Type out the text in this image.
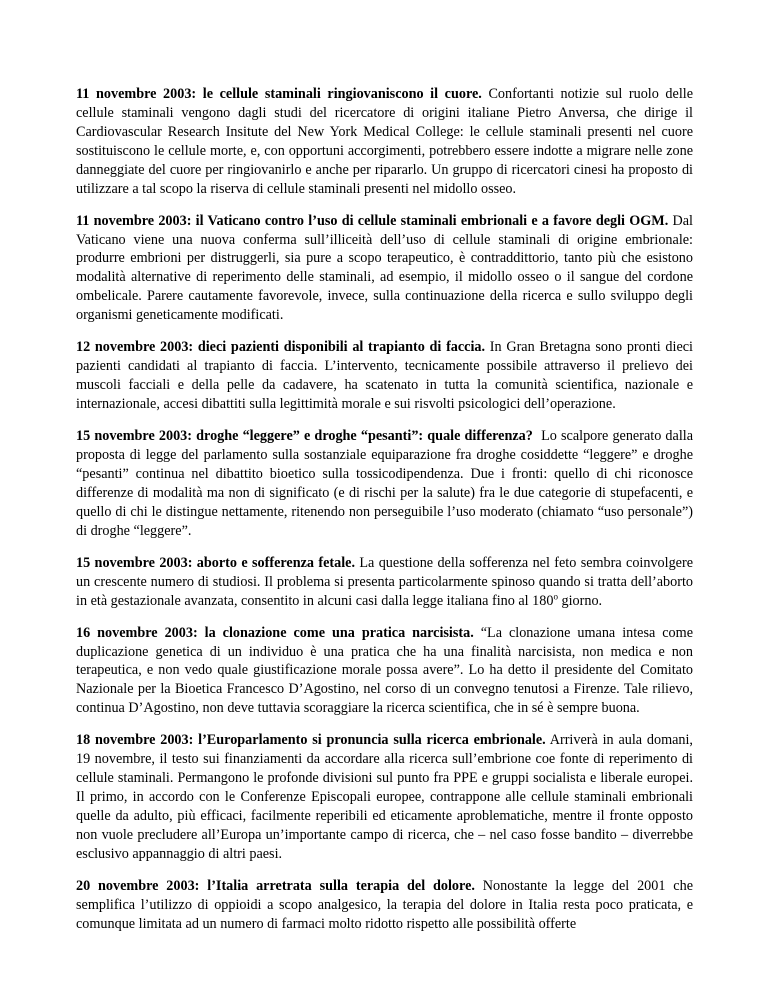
11 novembre 2003: le cellule staminali ringiovaniscono il cuore. Confortanti notizie sul ruolo delle cellule staminali vengono dagli studi del ricercatore di origini italiane Pietro Anversa, che dirige il Cardiovascular Research Insitute del New York Medical College: le cellule staminali presenti nel cuore sostituiscono le cellule morte, e, con opportuni accorgimenti, potrebbero essere indotte a migrare nelle zone danneggiate del cuore per ringiovanirlo e anche per ripararlo. Un gruppo di ricercatori cinesi ha proposto di utilizzare a tal scopo la riserva di cellule staminali presenti nel midollo osseo.

11 novembre 2003: il Vaticano contro l’uso di cellule staminali embrionali e a favore degli OGM. Dal Vaticano viene una nuova conferma sull’illiceità dell’uso di cellule staminali di origine embrionale: produrre embrioni per distruggerli, sia pure a scopo terapeutico, è contraddittorio, tanto più che esistono modalità alternative di reperimento delle staminali, ad esempio, il midollo osseo o il sangue del cordone ombelicale. Parere cautamente favorevole, invece, sulla continuazione della ricerca e sullo sviluppo degli organismi geneticamente modificati.

12 novembre 2003: dieci pazienti disponibili al trapianto di faccia. In Gran Bretagna sono pronti dieci pazienti candidati al trapianto di faccia. L’intervento, tecnicamente possibile attraverso il prelievo dei muscoli facciali e della pelle da cadavere, ha scatenato in tutta la comunità scientifica, nazionale e internazionale, accesi dibattiti sulla legittimità morale e sui risvolti psicologici dell’operazione.

15 novembre 2003: droghe “leggere” e droghe “pesanti”: quale differenza?  Lo scalpore generato dalla proposta di legge del parlamento sulla sostanziale equiparazione fra droghe cosiddette “leggere” e droghe “pesanti” continua nel dibattito bioetico sulla tossicodipendenza. Due i fronti: quello di chi riconosce differenze di modalità ma non di significato (e di rischi per la salute) fra le due categorie di stupefacenti, e quello di chi le distingue nettamente, ritenendo non perseguibile l’uso moderato (chiamato “uso personale”) di droghe “leggere”.

15 novembre 2003: aborto e sofferenza fetale. La questione della sofferenza nel feto sembra coinvolgere un crescente numero di studiosi. Il problema si presenta particolarmente spinoso quando si tratta dell’aborto in età gestazionale avanzata, consentito in alcuni casi dalla legge italiana fino al 180$^o$ giorno.

16 novembre 2003: la clonazione come una pratica narcisista. “La clonazione umana intesa come duplicazione genetica di un individuo è una pratica che ha una finalità narcisista, non medica e non terapeutica, e non vedo quale giustificazione morale possa avere”. Lo ha detto il presidente del Comitato Nazionale per la Bioetica Francesco D’Agostino, nel corso di un convegno tenutosi a Firenze. Tale rilievo, continua D’Agostino, non deve tuttavia scoraggiare la ricerca scientifica, che in sé è sempre buona.

18 novembre 2003: l’Europarlamento si pronuncia sulla ricerca embrionale. Arriverà in aula domani, 19 novembre, il testo sui finanziamenti da accordare alla ricerca sull’embrione coe fonte di reperimento di cellule staminali. Permangono le profonde divisioni sul punto fra PPE e gruppi socialista e liberale europei. Il primo, in accordo con le Conferenze Episcopali europee, contrappone alle cellule staminali embrionali quelle da adulto, più efficaci, facilmente reperibili ed eticamente aproblematiche, mentre il fronte opposto non vuole precludere all’Europa un’importante campo di ricerca, che – nel caso fosse bandito – diverrebbe esclusivo appannaggio di altri paesi.

20 novembre 2003: l’Italia arretrata sulla terapia del dolore. Nonostante la legge del 2001 che semplifica l’utilizzo di oppioidi a scopo analgesico, la terapia del dolore in Italia resta poco praticata, e comunque limitata ad un numero di farmaci molto ridotto rispetto alle possibilità offerte
